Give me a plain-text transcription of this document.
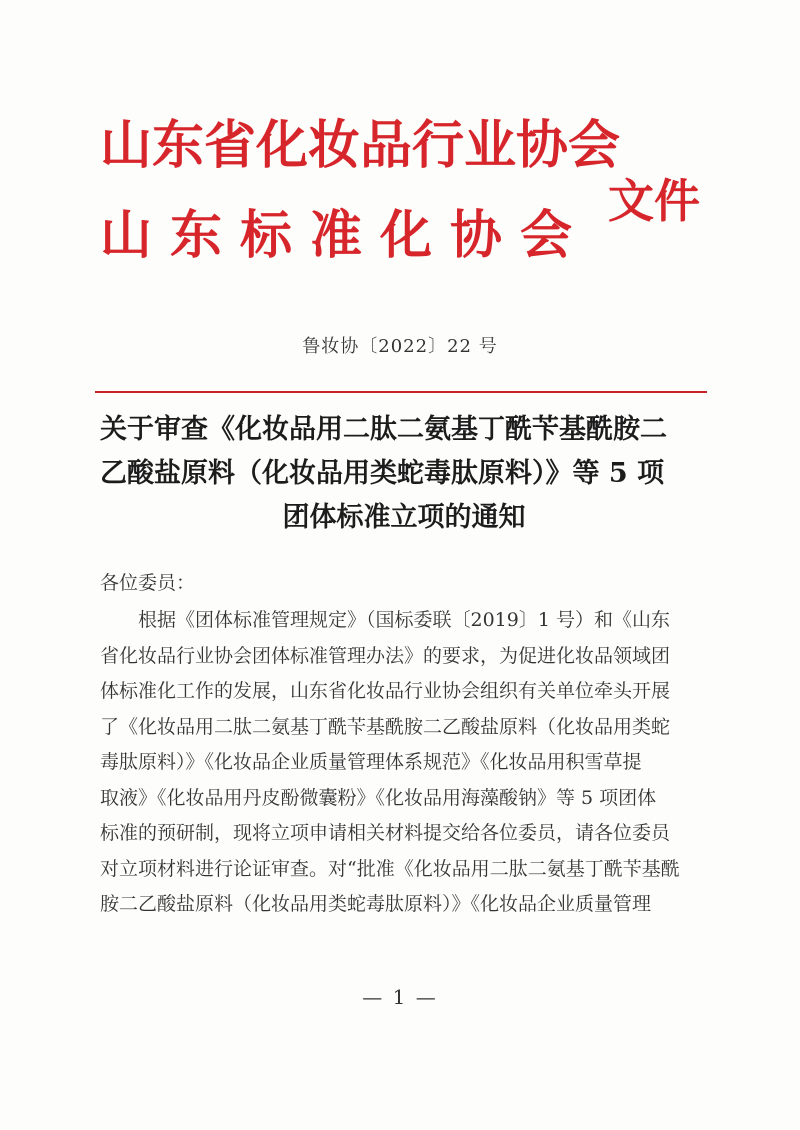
山东省化妆品行业协会
山东标准化协会
文件
鲁妆协〔2022〕22 号
关于审查《化妆品用二肽二氨基丁酰苄基酰胺二
乙酸盐原料（化妆品用类蛇毒肽原料）》等 5 项
团体标准立项的通知
各位委员：
根据《团体标准管理规定》（国标委联〔2019〕1 号）和《山东
省化妆品行业协会团体标准管理办法》的要求，为促进化妆品领域团
体标准化工作的发展，山东省化妆品行业协会组织有关单位牵头开展
了《化妆品用二肽二氨基丁酰苄基酰胺二乙酸盐原料（化妆品用类蛇
毒肽原料）》《化妆品企业质量管理体系规范》《化妆品用积雪草提
取液》《化妆品用丹皮酚微囊粉》《化妆品用海藻酸钠》等 5 项团体
标准的预研制，现将立项申请相关材料提交给各位委员，请各位委员
对立项材料进行论证审查。对“批准《化妆品用二肽二氨基丁酰苄基酰
胺二乙酸盐原料（化妆品用类蛇毒肽原料）》《化妆品企业质量管理
— 1 —
